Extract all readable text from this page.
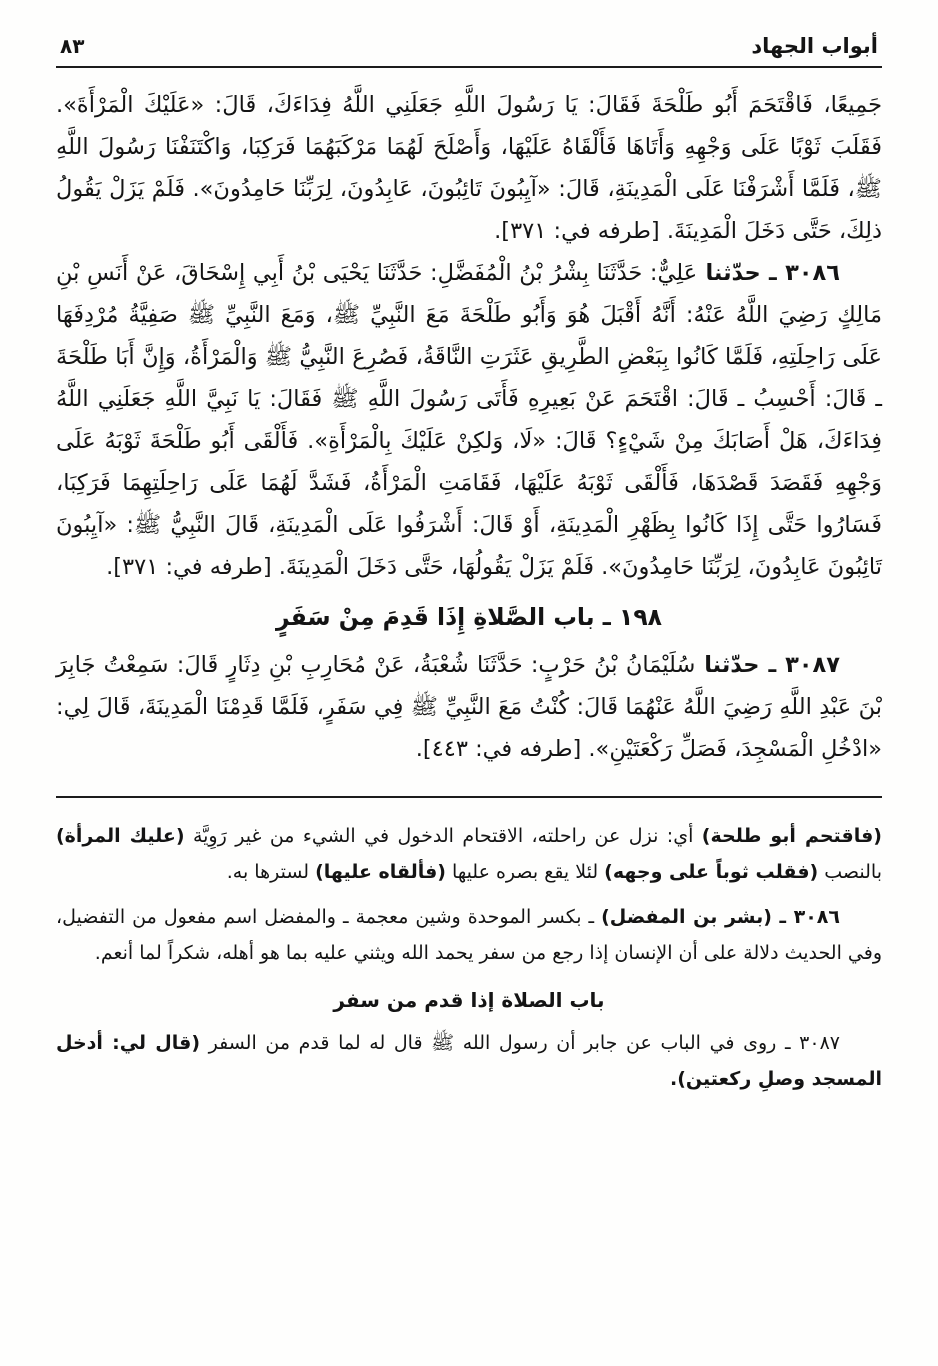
٨٣	أبواب الجهاد

جَمِيعًا، فَاقْتَحَمَ أَبُو طَلْحَةَ فَقَالَ: يَا رَسُولَ اللَّهِ جَعَلَنِي اللَّهُ فِدَاءَكَ، قَالَ: «عَلَيْكَ الْمَرْأَةَ». فَقَلَبَ ثَوْبًا عَلَى وَجْهِهِ وَأَتَاهَا فَأَلْقَاهُ عَلَيْهَا، وَأَصْلَحَ لَهُمَا مَرْكَبَهُمَا فَرَكِبَا، وَاكْتَنَفْنَا رَسُولَ اللَّهِ ﷺ، فَلَمَّا أَشْرَفْنَا عَلَى الْمَدِينَةِ، قَالَ: «آيِبُونَ تَائِبُونَ، عَابِدُونَ، لِرَبِّنَا حَامِدُونَ». فَلَمْ يَزَلْ يَقُولُ ذلِكَ، حَتَّى دَخَلَ الْمَدِينَةَ. [طرفه في: ٣٧١].

٣٠٨٦ ـ حدّثنا عَلِيٌّ: حَدَّثَنَا بِشْرُ بْنُ الْمُفَضَّلِ: حَدَّثَنَا يَحْيَى بْنُ أَبِي إِسْحَاقَ، عَنْ أَنَسِ بْنِ مَالِكٍ رَضِيَ اللَّهُ عَنْهُ: أَنَّهُ أَقْبَلَ هُوَ وَأَبُو طَلْحَةَ مَعَ النَّبِيِّ ﷺ، وَمَعَ النَّبِيِّ ﷺ صَفِيَّةُ مُرْدِفَهَا عَلَى رَاحِلَتِهِ، فَلَمَّا كَانُوا بِبَعْضِ الطَّرِيقِ عَثَرَتِ النَّاقَةُ، فَصُرِعَ النَّبِيُّ ﷺ وَالْمَرْأَةُ، وَإِنَّ أَبَا طَلْحَةَ ـ قَالَ: أَحْسِبُ ـ قَالَ: اقْتَحَمَ عَنْ بَعِيرِهِ فَأَتَى رَسُولَ اللَّهِ ﷺ فَقَالَ: يَا نَبِيَّ اللَّهِ جَعَلَنِي اللَّهُ فِدَاءَكَ، هَلْ أَصَابَكَ مِنْ شَيْءٍ؟ قَالَ: «لَا، وَلكِنْ عَلَيْكَ بِالْمَرْأَةِ». فَأَلْقَى أَبُو طَلْحَةَ ثَوْبَهُ عَلَى وَجْهِهِ فَقَصَدَ قَصْدَهَا، فَأَلْقَى ثَوْبَهُ عَلَيْهَا، فَقَامَتِ الْمَرْأَةُ، فَشَدَّ لَهُمَا عَلَى رَاحِلَتِهِمَا فَرَكِبَا، فَسَارُوا حَتَّى إِذَا كَانُوا بِظَهْرِ الْمَدِينَةِ، أَوْ قَالَ: أَشْرَفُوا عَلَى الْمَدِينَةِ، قَالَ النَّبِيُّ ﷺ: «آيِبُونَ تَائِبُونَ عَابِدُونَ، لِرَبِّنَا حَامِدُونَ». فَلَمْ يَزَلْ يَقُولُهَا، حَتَّى دَخَلَ الْمَدِينَةَ. [طرفه في: ٣٧١].

١٩٨ ـ باب الصَّلاةِ إِذَا قَدِمَ مِنْ سَفَرٍ

٣٠٨٧ ـ حدّثنا سُلَيْمَانُ بْنُ حَرْبٍ: حَدَّثَنَا شُعْبَةُ، عَنْ مُحَارِبِ بْنِ دِثَارٍ قَالَ: سَمِعْتُ جَابِرَ بْنَ عَبْدِ اللَّهِ رَضِيَ اللَّهُ عَنْهُمَا قَالَ: كُنْتُ مَعَ النَّبِيِّ ﷺ فِي سَفَرٍ، فَلَمَّا قَدِمْنَا الْمَدِينَةَ، قَالَ لِي: «ادْخُلِ الْمَسْجِدَ، فَصَلِّ رَكْعَتَيْنِ». [طرفه في: ٤٤٣].

(فاقتحم أبو طلحة) أي: نزل عن راحلته، الاقتحام الدخول في الشيء من غير رَوِيَّة (عليك المرأة) بالنصب (فقلب ثوباً على وجهه) لئلا يقع بصره عليها (فألقاه عليها) لسترها به.

٣٠٨٦ ـ (بشر بن المفضل) ـ بكسر الموحدة وشين معجمة ـ والمفضل اسم مفعول من التفضيل، وفي الحديث دلالة على أن الإنسان إذا رجع من سفر يحمد الله ويثني عليه بما هو أهله، شكراً لما أنعم.

باب الصلاة إذا قدم من سفر

٣٠٨٧ ـ روى في الباب عن جابر أن رسول الله ﷺ قال له لما قدم من السفر (قال لي: أدخل المسجد وصلِ ركعتين).
